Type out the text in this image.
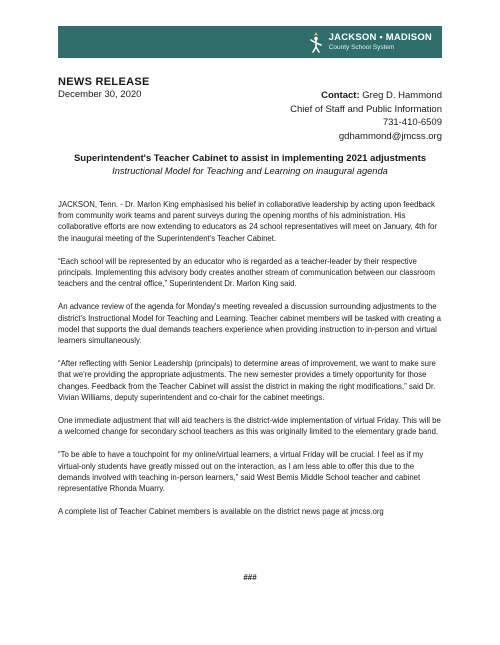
JACKSON • MADISON
County School System
NEWS RELEASE
December 30, 2020	Contact: Greg D. Hammond
Chief of Staff and Public Information
731-410-6509
gdhammond@jmcss.org
Superintendent's Teacher Cabinet to assist in implementing 2021 adjustments
Instructional Model for Teaching and Learning on inaugural agenda

JACKSON, Tenn. - Dr. Marlon King emphasised his belief in collaborative leadership by acting upon feedback from community work teams and parent surveys during the opening months of his administration. His collaborative efforts are now extending to educators as 24 school representatives will meet on January, 4th for the inaugural meeting of the Superintendent's Teacher Cabinet.

“Each school will be represented by an educator who is regarded as a teacher-leader by their respective principals. Implementing this advisory body creates another stream of communication between our classroom teachers and the central office,” Superintendent Dr. Marlon King said.

An advance review of the agenda for Monday's meeting revealed a discussion surrounding adjustments to the district's Instructional Model for Teaching and Learning. Teacher cabinet members will be tasked with creating a model that supports the dual demands teachers experience when providing instruction to in-person and virtual learners simultaneously.

“After reflecting with Senior Leadership (principals) to determine areas of improvement, we want to make sure that we're providing the appropriate adjustments. The new semester provides a timely opportunity for those changes. Feedback from the Teacher Cabinet will assist the district in making the right modifications,” said Dr. Vivian Williams, deputy superintendent and co-chair for the cabinet meetings.

One immediate adjustment that will aid teachers is the district-wide implementation of virtual Friday. This will be a welcomed change for secondary school teachers as this was originally limited to the elementary grade band.

“To be able to have a touchpoint for my online/virtual learners, a virtual Friday will be crucial. I feel as if my virtual-only students have greatly missed out on the interaction, as I am less able to offer this due to the demands involved with teaching in-person learners,” said West Bemis Middle School teacher and cabinet representative Rhonda Muarry.

A complete list of Teacher Cabinet members is available on the district news page at jmcss.org

###
